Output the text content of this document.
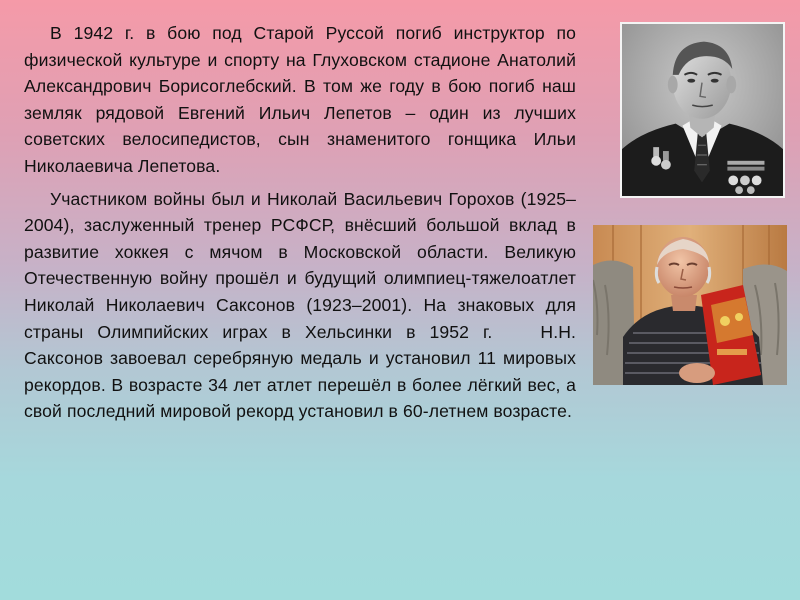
В 1942 г. в бою под Старой Руссой погиб инструктор по физической культуре и спорту на Глуховском стадионе Анатолий Александрович Борисоглебский. В том же году в бою погиб наш земляк рядовой Евгений Ильич Лепетов – один из лучших советских велосипедистов, сын знаменитого гонщика Ильи Николаевича Лепетова.

Участником войны был и Николай Васильевич Горохов (1925–2004), заслуженный тренер РСФСР, внёсший большой вклад в развитие хоккея с мячом в Московской области. Великую Отечественную войну прошёл и будущий олимпиец-тяжелоатлет Николай Николаевич Саксонов (1923–2001). На знаковых для страны Олимпийских играх в Хельсинки в 1952 г.	Н.Н. Саксонов завоевал серебряную медаль и установил 11 мировых рекордов. В возрасте 34 лет атлет перешёл в более лёгкий вес, а свой последний мировой рекорд установил в 60-летнем возрасте.
